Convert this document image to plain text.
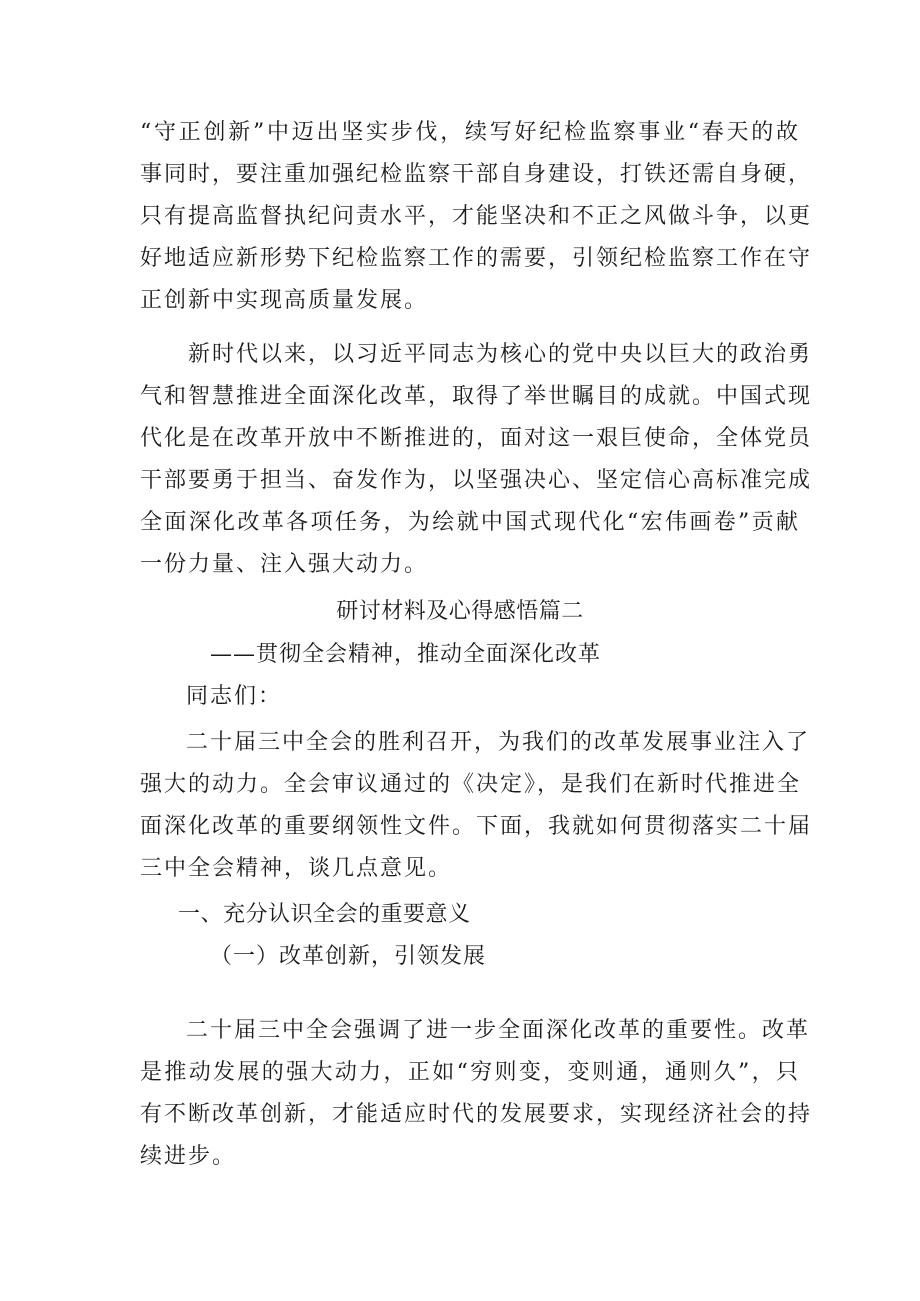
“守正创新”中迈出坚实步伐，续写好纪检监察事业“春天的故
事同时，要注重加强纪检监察干部自身建设，打铁还需自身硬，
只有提高监督执纪问责水平，才能坚决和不正之风做斗争，以更
好地适应新形势下纪检监察工作的需要，引领纪检监察工作在守
正创新中实现高质量发展。
新时代以来，以习近平同志为核心的党中央以巨大的政治勇
气和智慧推进全面深化改革，取得了举世瞩目的成就。中国式现
代化是在改革开放中不断推进的，面对这一艰巨使命，全体党员
干部要勇于担当、奋发作为，以坚强决心、坚定信心高标准完成
全面深化改革各项任务，为绘就中国式现代化“宏伟画卷”贡献
一份力量、注入强大动力。
研讨材料及心得感悟篇二
——贯彻全会精神，推动全面深化改革
同志们：
二十届三中全会的胜利召开，为我们的改革发展事业注入了
强大的动力。全会审议通过的《决定》，是我们在新时代推进全
面深化改革的重要纲领性文件。下面，我就如何贯彻落实二十届
三中全会精神，谈几点意见。
一、充分认识全会的重要意义
（一）改革创新，引领发展
二十届三中全会强调了进一步全面深化改革的重要性。改革
是推动发展的强大动力，正如“穷则变，变则通，通则久”，只
有不断改革创新，才能适应时代的发展要求，实现经济社会的持
续进步。
